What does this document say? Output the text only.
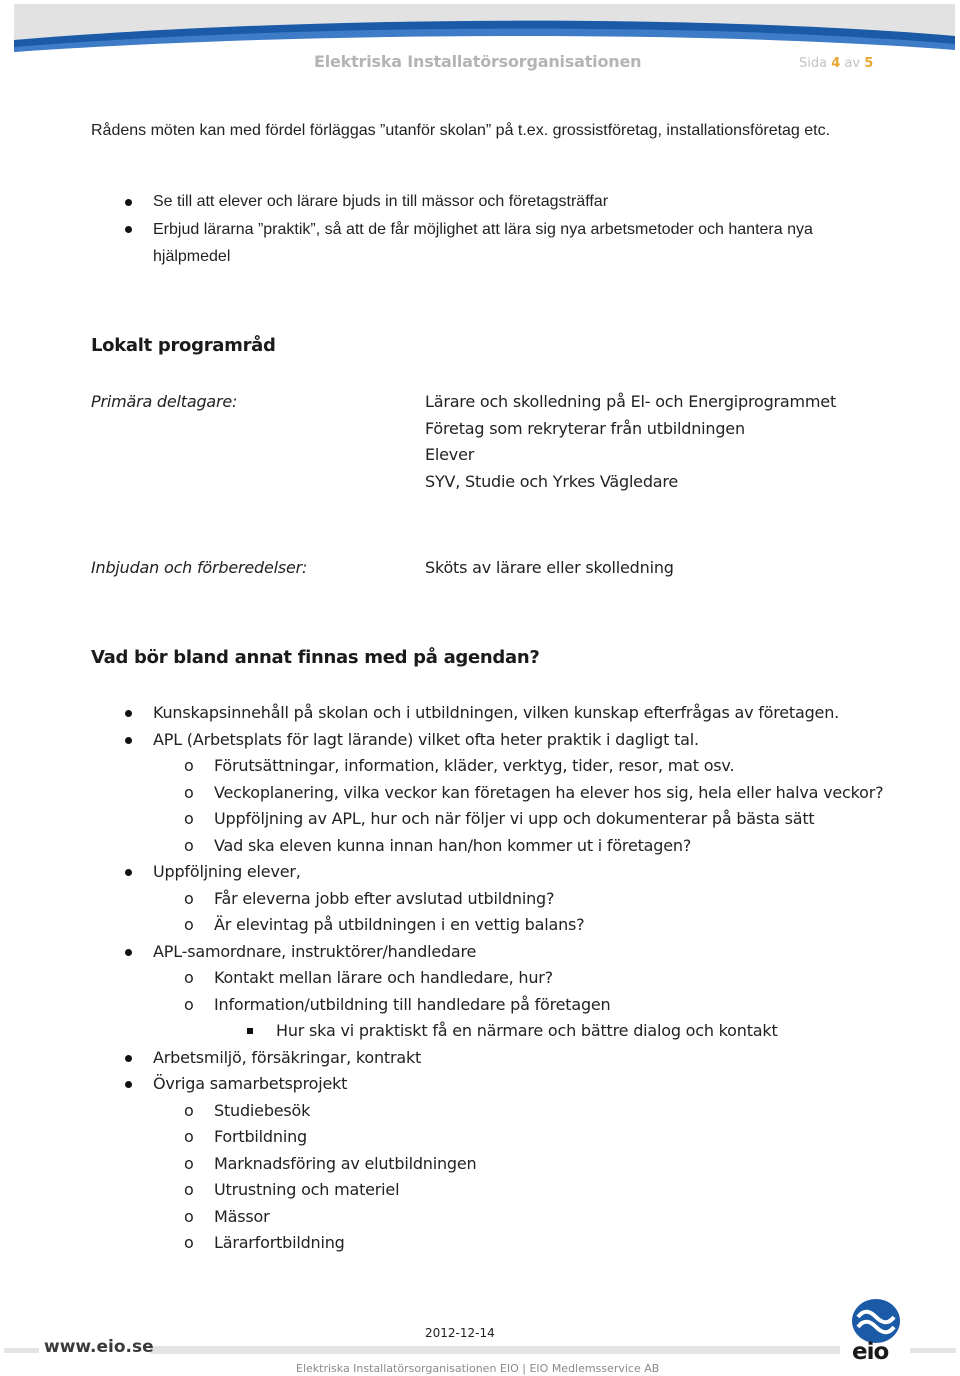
Elektriska Installatörsorganisationen	Sida 4 av 5
Rådens möten kan med fördel förläggas ”utanför skolan” på t.ex. grossistföretag, installationsföretag etc.
Se till att elever och lärare bjuds in till mässor och företagsträffar
Erbjud lärarna ”praktik”, så att de får möjlighet att lära sig nya arbetsmetoder och hantera nya hjälpmedel
Lokalt programråd
Primära deltagare:	Lärare och skolledning på El- och Energiprogrammet
Företag som rekryterar från utbildningen
Elever
SYV, Studie och Yrkes Vägledare
Inbjudan och förberedelser:	Sköts av lärare eller skolledning
Vad bör bland annat finnas med på agendan?
Kunskapsinnehåll på skolan och i utbildningen, vilken kunskap efterfrågas av företagen.
APL (Arbetsplats för lagt lärande) vilket ofta heter praktik i dagligt tal.
o Förutsättningar, information, kläder, verktyg, tider, resor, mat osv.
o Veckoplanering, vilka veckor kan företagen ha elever hos sig, hela eller halva veckor?
o Uppföljning av APL, hur och när följer vi upp och dokumenterar på bästa sätt
o Vad ska eleven kunna innan han/hon kommer ut i företagen?
Uppföljning elever,
o Får eleverna jobb efter avslutad utbildning?
o Är elevintag på utbildningen i en vettig balans?
APL-samordnare, instruktörer/handledare
o Kontakt mellan lärare och handledare, hur?
o Information/utbildning till handledare på företagen
Hur ska vi praktiskt få en närmare och bättre dialog och kontakt
Arbetsmiljö, försäkringar, kontrakt
Övriga samarbetsprojekt
o Studiebesök
o Fortbildning
o Marknadsföring av elutbildningen
o Utrustning och materiel
o Mässor
o Lärarfortbildning
2012-12-14
www.eio.se
Elektriska Installatörsorganisationen EIO | EIO Medlemsservice AB
eio
